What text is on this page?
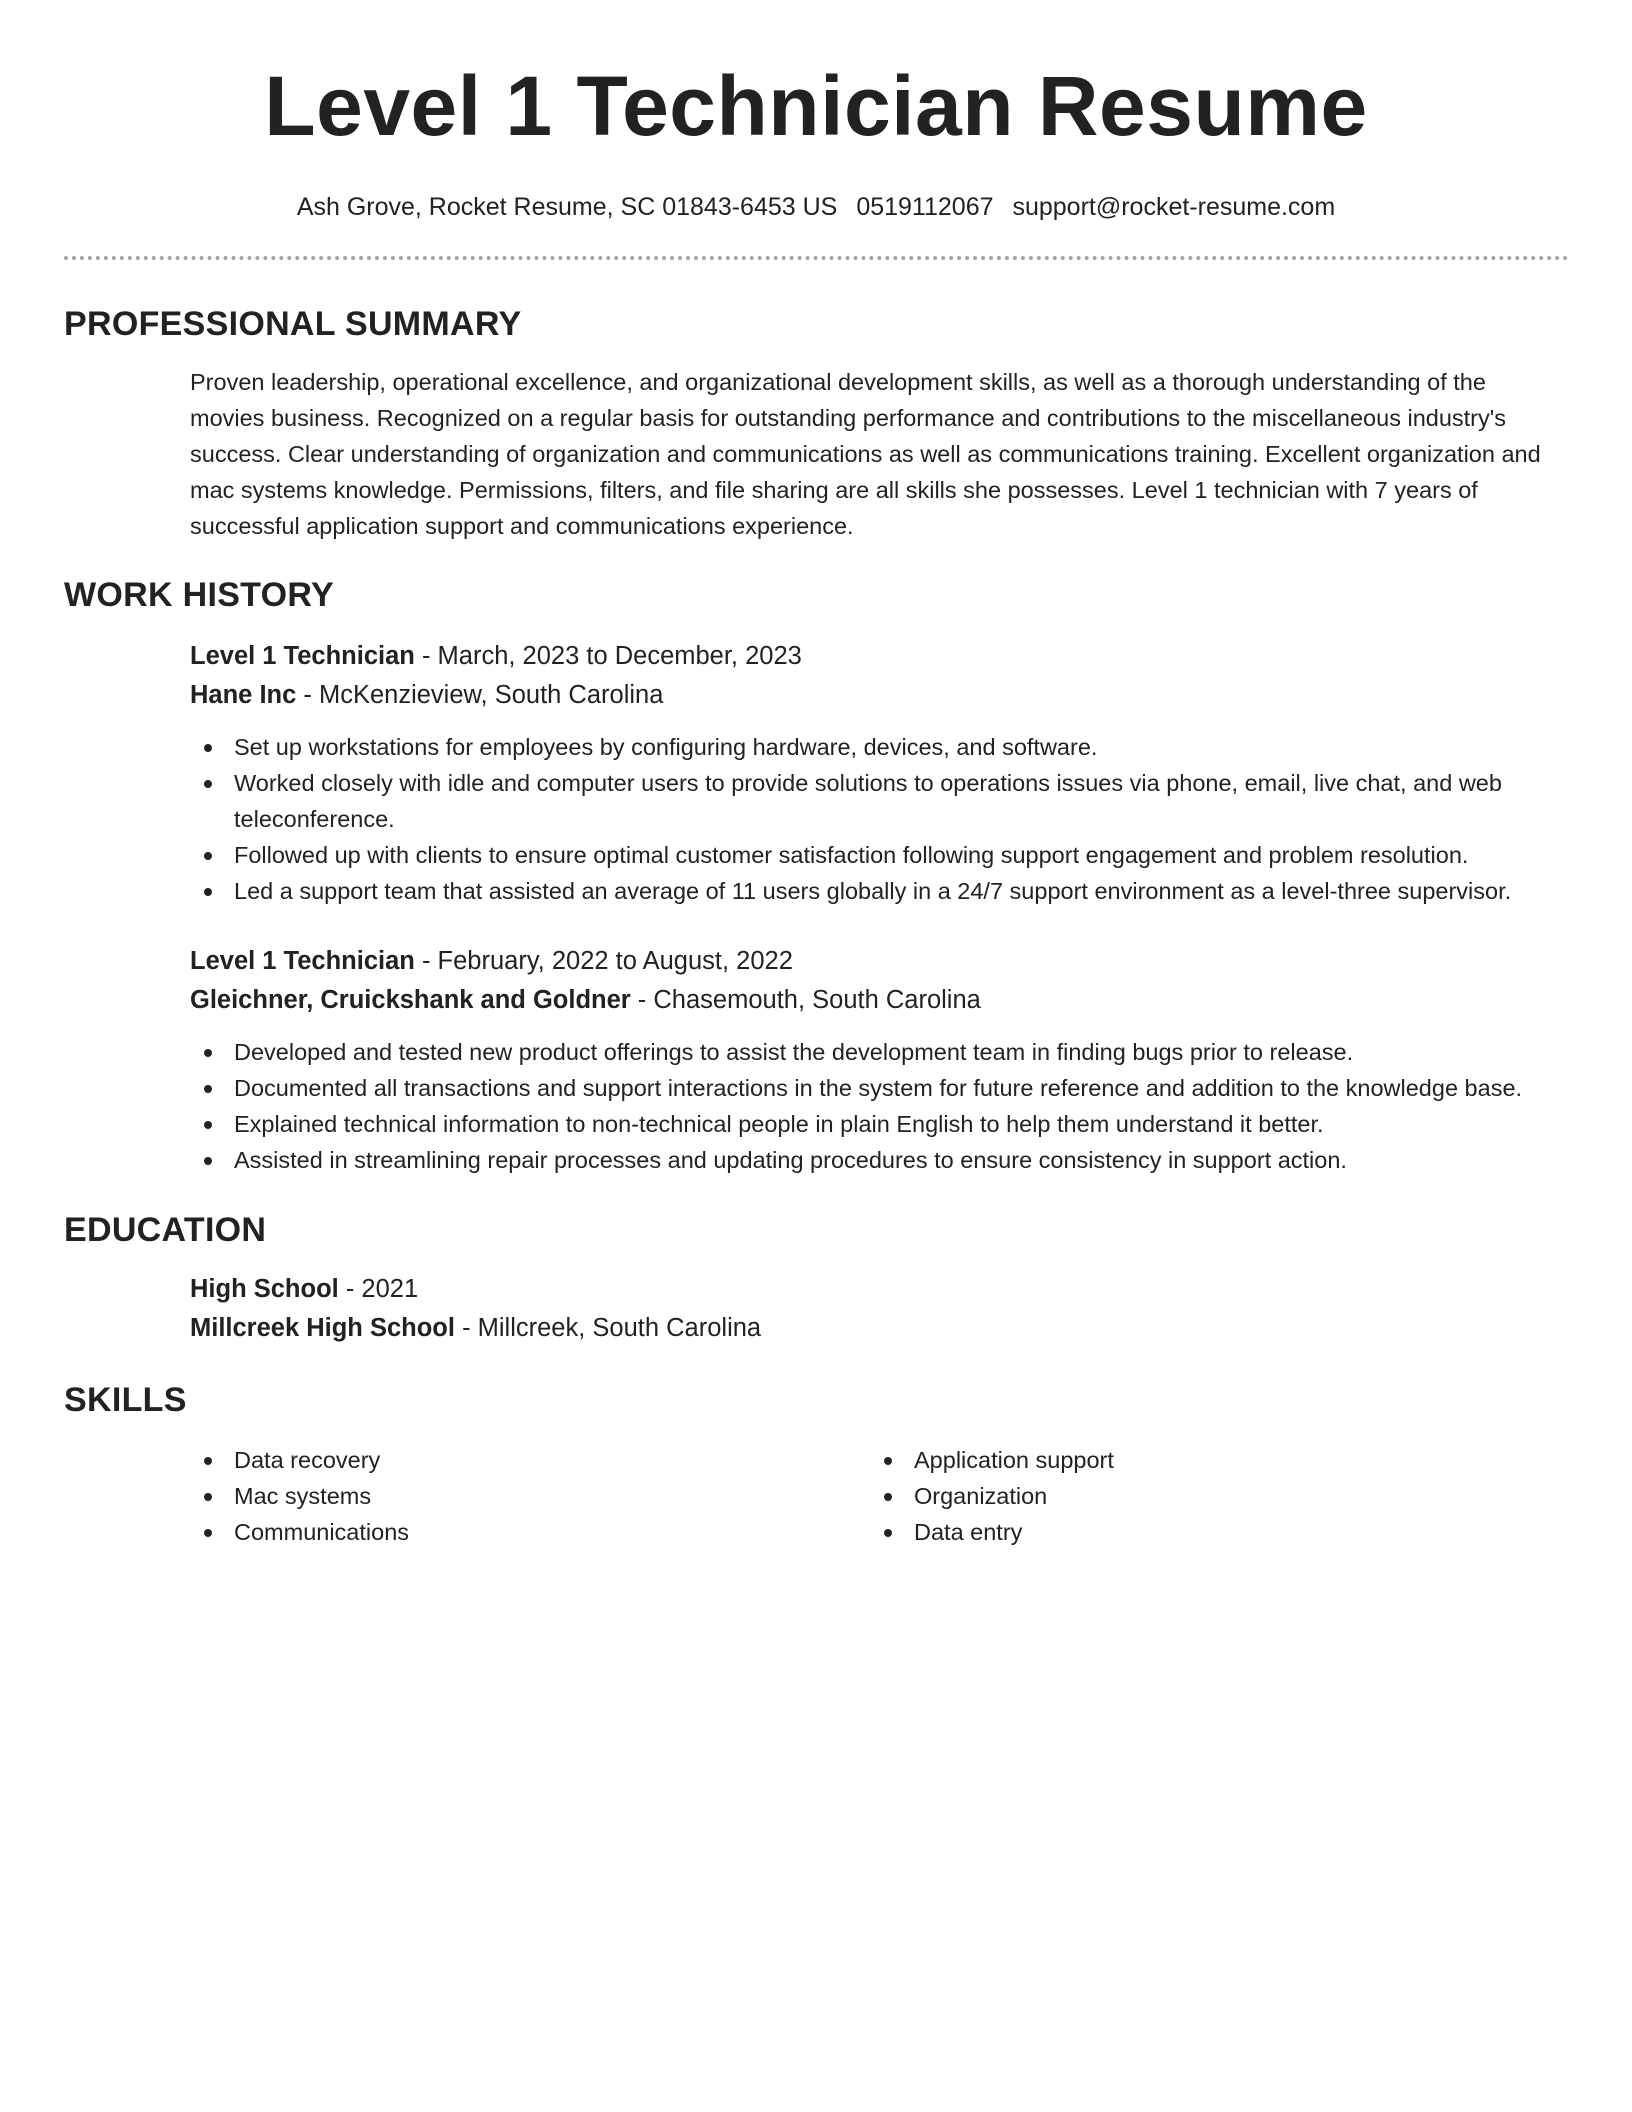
Level 1 Technician Resume
Ash Grove, Rocket Resume, SC 01843-6453 US 0519112067 support@rocket-resume.com
PROFESSIONAL SUMMARY

Proven leadership, operational excellence, and organizational development skills, as well as a thorough understanding of the movies business. Recognized on a regular basis for outstanding performance and contributions to the miscellaneous industry's success. Clear understanding of organization and communications as well as communications training. Excellent organization and mac systems knowledge. Permissions, filters, and file sharing are all skills she possesses. Level 1 technician with 7 years of successful application support and communications experience.

WORK HISTORY
Level 1 Technician - March, 2023 to December, 2023
Hane Inc - McKenzieview, South Carolina
Set up workstations for employees by configuring hardware, devices, and software.
Worked closely with idle and computer users to provide solutions to operations issues via phone, email, live chat, and web teleconference.
Followed up with clients to ensure optimal customer satisfaction following support engagement and problem resolution.
Led a support team that assisted an average of 11 users globally in a 24/7 support environment as a level-three supervisor.
Level 1 Technician - February, 2022 to August, 2022
Gleichner, Cruickshank and Goldner - Chasemouth, South Carolina
Developed and tested new product offerings to assist the development team in finding bugs prior to release.
Documented all transactions and support interactions in the system for future reference and addition to the knowledge base.
Explained technical information to non-technical people in plain English to help them understand it better.
Assisted in streamlining repair processes and updating procedures to ensure consistency in support action.
EDUCATION
High School - 2021
Millcreek High School - Millcreek, South Carolina
SKILLS
Data recovery
Mac systems
Communications
Application support
Organization
Data entry
